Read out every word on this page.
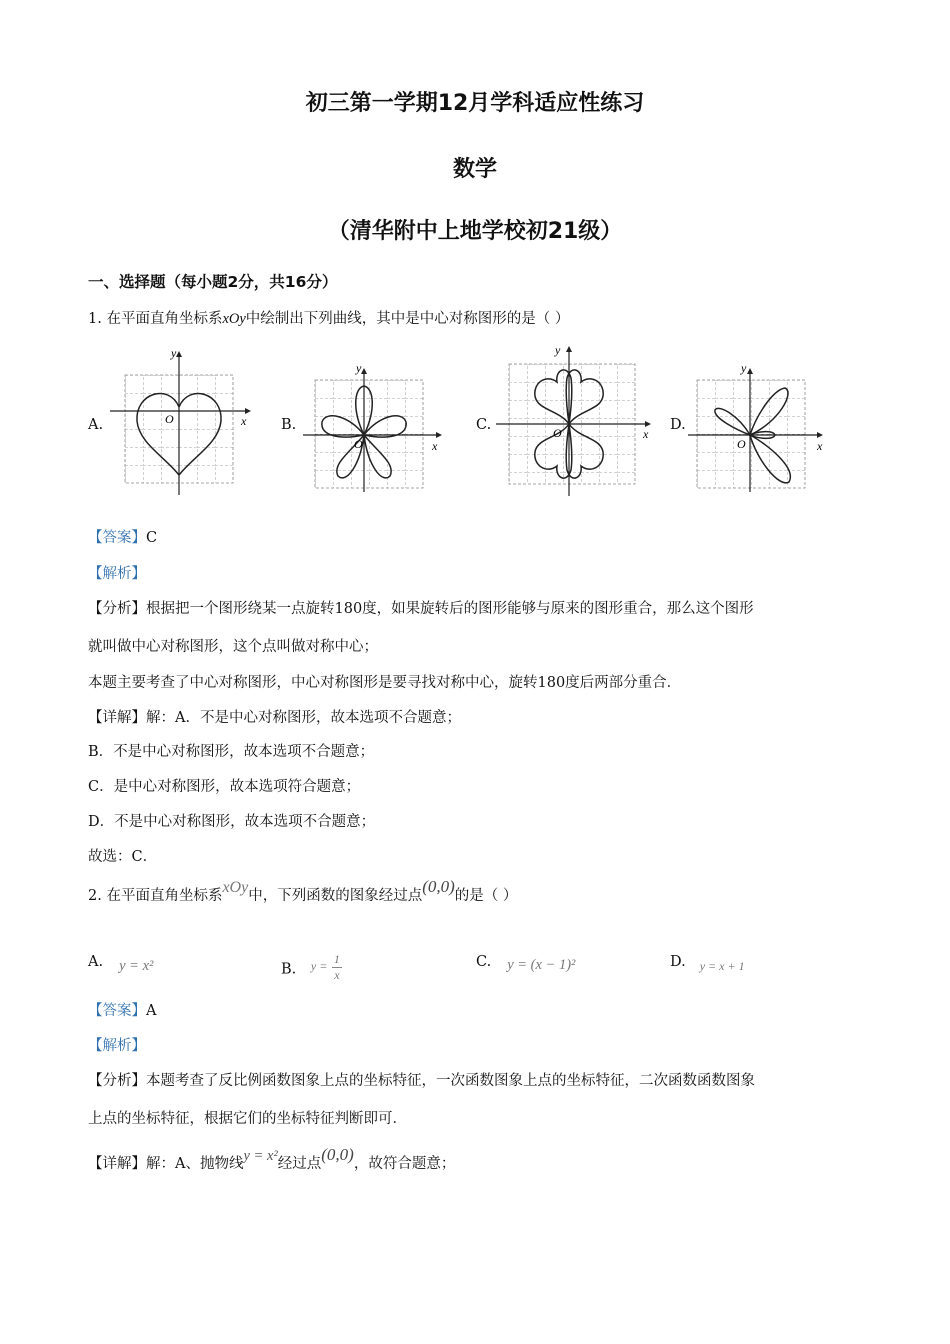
初三第一学期12月学科适应性练习
数学
（清华附中上地学校初21级）
一、选择题（每小题2分，共16分）
1. 在平面直角坐标系xOy中绘制出下列曲线，其中是中心对称图形的是（ ）
A.	B.	C.	D.
y
x
O
y
x
O
y
x
O
y
x
O
【答案】C
【解析】
【分析】根据把一个图形绕某一点旋转180度，如果旋转后的图形能够与原来的图形重合，那么这个图形
就叫做中心对称图形，这个点叫做对称中心；
本题主要考查了中心对称图形，中心对称图形是要寻找对称中心，旋转180度后两部分重合．
【详解】解：A．不是中心对称图形，故本选项不合题意；
B．不是中心对称图形，故本选项不合题意；
C．是中心对称图形，故本选项符合题意；
D．不是中心对称图形，故本选项不合题意；
故选：C．
2. 在平面直角坐标系xOy中，下列函数的图象经过点(0,0)的是（ ）
A. y = x²	B. $^{y =} \frac{1}{x}$	C. y = (x − 1)²	D. $_{y = x + 1}$
【答案】A
【解析】
【分析】本题考查了反比例函数图象上点的坐标特征，一次函数图象上点的坐标特征，二次函数函数图象
上点的坐标特征，根据它们的坐标特征判断即可．
【详解】解：A、抛物线y = x²经过点(0,0)，故符合题意；
